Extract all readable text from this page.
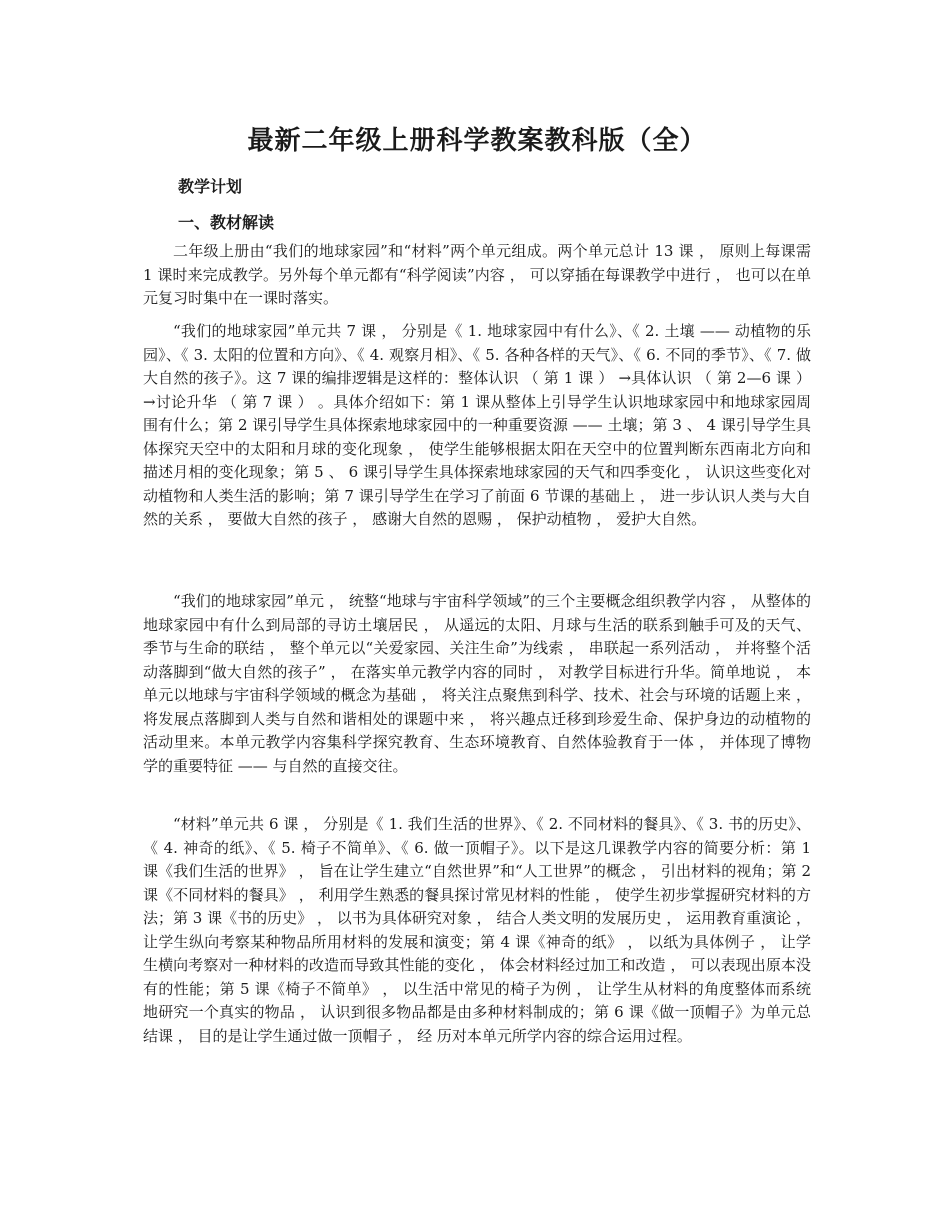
最新二年级上册科学教案教科版（全）
教学计划
一、教材解读

二年级上册由“我们的地球家园”和“材料”两个单元组成。两个单元总计 13 课 ， 原则上每课需 1 课时来完成教学。另外每个单元都有“科学阅读”内容 ， 可以穿插在每课教学中进行 ， 也可以在单元复习时集中在一课时落实。

“我们的地球家园”单元共 7 课 ， 分别是《 1. 地球家园中有什么》、《 2. 土壤 —— 动植物的乐园》、《 3. 太阳的位置和方向》、《 4. 观察月相》、《 5. 各种各样的天气》、《 6. 不同的季节》、《 7. 做大自然的孩子》。这 7 课的编排逻辑是这样的：整体认识 （ 第 1 课 ） →具体认识 （ 第 2—6 课 ） →讨论升华 （ 第 7 课 ） 。具体介绍如下：第 1 课从整体上引导学生认识地球家园中和地球家园周围有什么；第 2 课引导学生具体探索地球家园中的一种重要资源 —— 土壤；第 3 、 4 课引导学生具体探究天空中的太阳和月球的变化现象 ， 使学生能够根据太阳在天空中的位置判断东西南北方向和描述月相的变化现象；第 5 、 6 课引导学生具体探索地球家园的天气和四季变化 ， 认识这些变化对动植物和人类生活的影响；第 7 课引导学生在学习了前面 6 节课的基础上 ， 进一步认识人类与大自然的关系 ， 要做大自然的孩子 ， 感谢大自然的恩赐 ， 保护动植物 ， 爱护大自然。

“我们的地球家园”单元 ， 统整“地球与宇宙科学领域”的三个主要概念组织教学内容 ， 从整体的地球家园中有什么到局部的寻访土壤居民 ， 从遥远的太阳、月球与生活的联系到触手可及的天气、 季节与生命的联结 ， 整个单元以“关爱家园、关注生命”为线索 ， 串联起一系列活动 ， 并将整个活动落脚到“做大自然的孩子” ， 在落实单元教学内容的同时 ， 对教学目标进行升华。简单地说 ， 本单元以地球与宇宙科学领域的概念为基础 ， 将关注点聚焦到科学、技术、社会与环境的话题上来 ， 将发展点落脚到人类与自然和谐相处的课题中来 ， 将兴趣点迁移到珍爱生命、保护身边的动植物的活动里来。本单元教学内容集科学探究教育、生态环境教育、自然体验教育于一体 ， 并体现了博物学的重要特征 —— 与自然的直接交往。

“材料”单元共 6 课 ， 分别是《 1. 我们生活的世界》、《 2. 不同材料的餐具》、《 3. 书的历史》、《 4. 神奇的纸》、《 5. 椅子不简单》、《 6. 做一顶帽子》。以下是这几课教学内容的简要分析：第 1 课《我们生活的世界》 ， 旨在让学生建立“自然世界”和“人工世界”的概念 ， 引出材料的视角；第 2 课《不同材料的餐具》 ， 利用学生熟悉的餐具探讨常见材料的性能 ， 使学生初步掌握研究材料的方法；第 3 课《书的历史》 ， 以书为具体研究对象 ， 结合人类文明的发展历史 ， 运用教育重演论 ， 让学生纵向考察某种物品所用材料的发展和演变；第 4 课《神奇的纸》 ， 以纸为具体例子 ， 让学生横向考察对一种材料的改造而导致其性能的变化 ， 体会材料经过加工和改造 ， 可以表现出原本没有的性能；第 5 课《椅子不简单》 ， 以生活中常见的椅子为例 ， 让学生从材料的角度整体而系统地研究一个真实的物品 ， 认识到很多物品都是由多种材料制成的；第 6 课《做一顶帽子》为单元总结课 ， 目的是让学生通过做一顶帽子 ， 经 历对本单元所学内容的综合运用过程。
